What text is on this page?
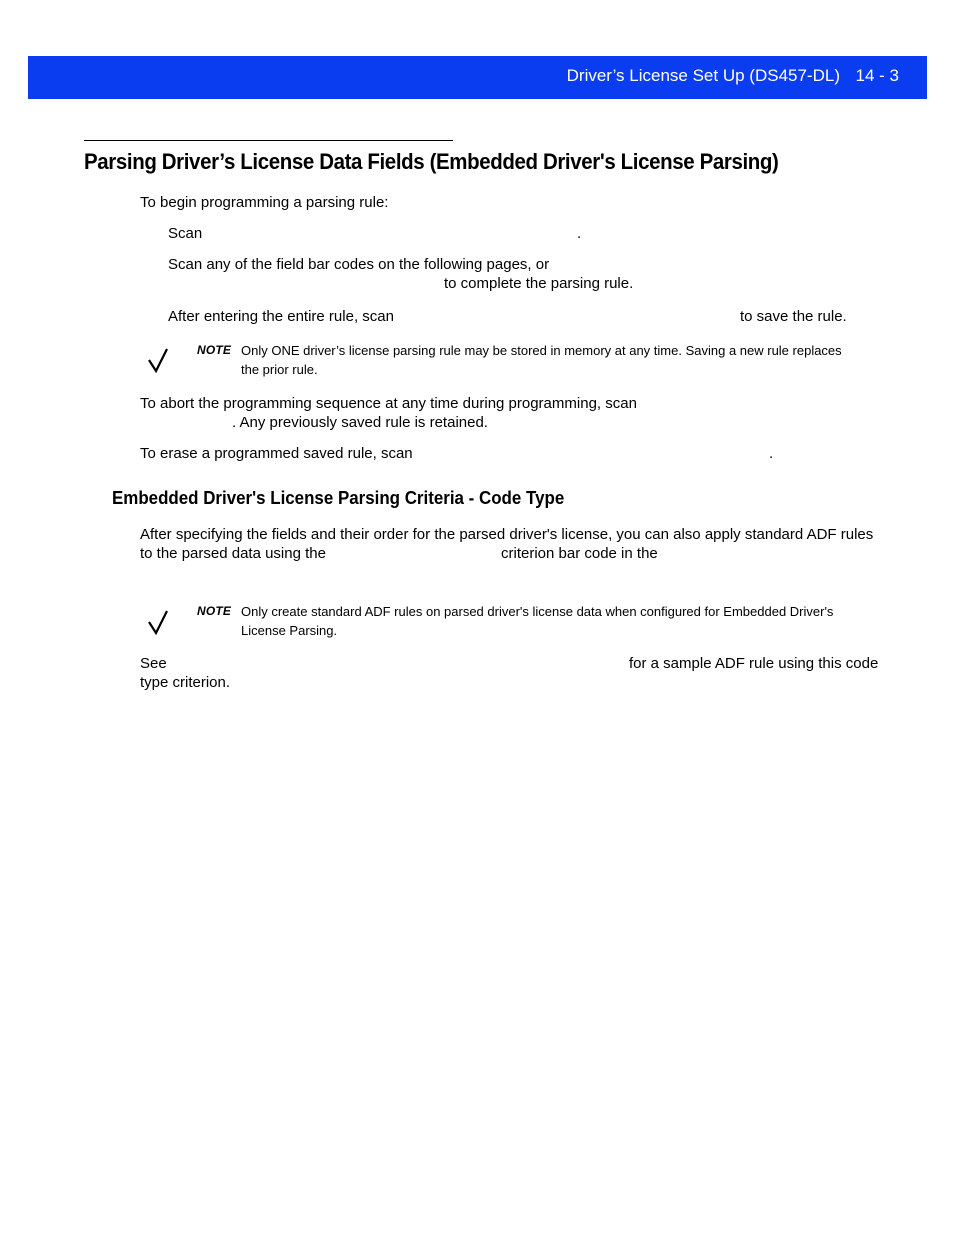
Driver’s License Set Up (DS457-DL) 14 - 3
Parsing Driver’s License Data Fields (Embedded Driver's License Parsing)
To begin programming a parsing rule:
Scan	.
Scan any of the field bar codes on the following pages, or
to complete the parsing rule.
After entering the entire rule, scan	to save the rule.
NOTE Only ONE driver’s license parsing rule may be stored in memory at any time. Saving a new rule replaces
the prior rule.
To abort the programming sequence at any time during programming, scan
. Any previously saved rule is retained.
To erase a programmed saved rule, scan	.
Embedded Driver's License Parsing Criteria - Code Type
After specifying the fields and their order for the parsed driver's license, you can also apply standard ADF rules
to the parsed data using the	criterion bar code in the
NOTE Only create standard ADF rules on parsed driver's license data when configured for Embedded Driver's
License Parsing.
See	for a sample ADF rule using this code
type criterion.
